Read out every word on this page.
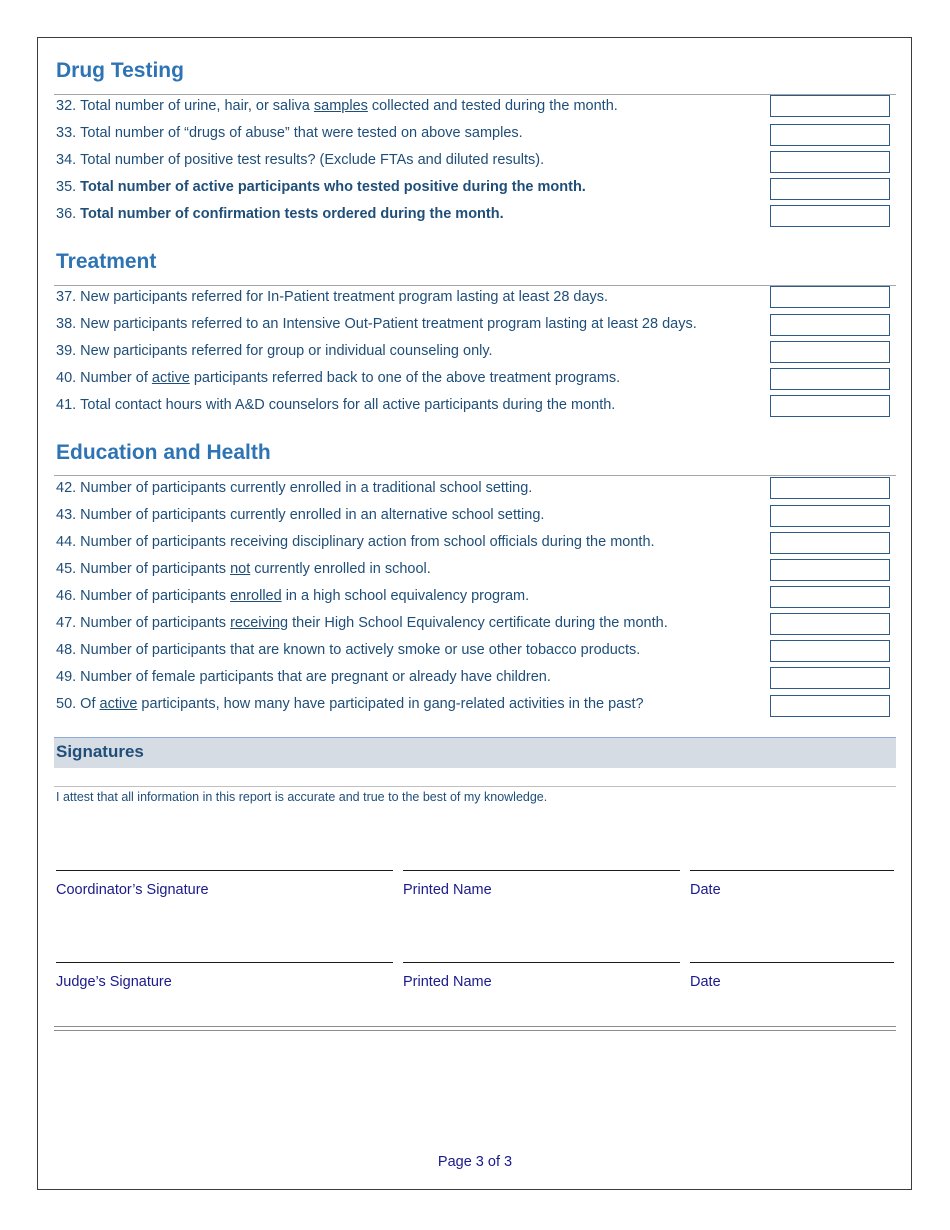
Drug Testing
32. Total number of urine, hair, or saliva samples collected and tested during the month.
33. Total number of “drugs of abuse” that were tested on above samples.
34. Total number of positive test results? (Exclude FTAs and diluted results).
35. Total number of active participants who tested positive during the month.
36. Total number of confirmation tests ordered during the month.
Treatment
37. New participants referred for In-Patient treatment program lasting at least 28 days.
38. New participants referred to an Intensive Out-Patient treatment program lasting at least 28 days.
39. New participants referred for group or individual counseling only.
40. Number of active participants referred back to one of the above treatment programs.
41. Total contact hours with A&D counselors for all active participants during the month.
Education and Health
42. Number of participants currently enrolled in a traditional school setting.
43. Number of participants currently enrolled in an alternative school setting.
44. Number of participants receiving disciplinary action from school officials during the month.
45. Number of participants not currently enrolled in school.
46. Number of participants enrolled in a high school equivalency program.
47. Number of participants receiving their High School Equivalency certificate during the month.
48. Number of participants that are known to actively smoke or use other tobacco products.
49. Number of female participants that are pregnant or already have children.
50. Of active participants, how many have participated in gang-related activities in the past?
Signatures
I attest that all information in this report is accurate and true to the best of my knowledge.
Coordinator’s Signature	Printed Name	Date
Judge’s Signature	Printed Name	Date
Page 3 of 3
